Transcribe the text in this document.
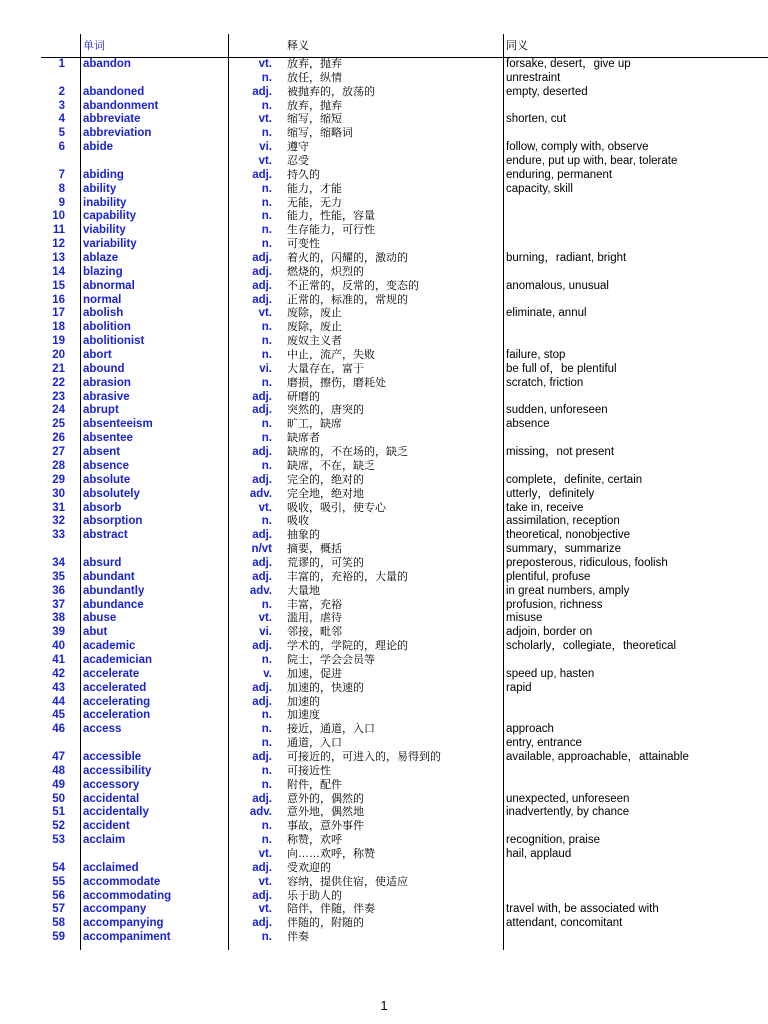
单词	释义	同义
1 abandon	vt. 放弃，抛弃	forsake, desert，give up
n. 放任，纵情	unrestraint
2 abandoned	adj. 被抛弃的，放荡的	empty, deserted
3 abandonment	n. 放弃，抛弃
4 abbreviate	vt. 缩写，缩短	shorten, cut
5 abbreviation	n. 缩写，缩略词
6 abide	vi. 遵守	follow, comply with, observe
vt. 忍受	endure, put up with, bear, tolerate
7 abiding	adj. 持久的	enduring, permanent
8 ability	n. 能力，才能	capacity, skill
9 inability	n. 无能，无力
10 capability	n. 能力，性能，容量
11 viability	n. 生存能力，可行性
12 variability	n. 可变性
13 ablaze	adj. 着火的，闪耀的，激动的	burning，radiant, bright
14 blazing	adj. 燃烧的，炽烈的
15 abnormal	adj. 不正常的，反常的，变态的	anomalous, unusual
16 normal	adj. 正常的，标准的，常规的
17 abolish	vt. 废除，废止	eliminate, annul
18 abolition	n. 废除，废止
19 abolitionist	n. 废奴主义者
20 abort	n. 中止，流产，失败	failure, stop
21 abound	vi. 大量存在，富于	be full of，be plentiful
22 abrasion	n. 磨损，擦伤，磨耗处	scratch, friction
23 abrasive	adj. 研磨的
24 abrupt	adj. 突然的，唐突的	sudden, unforeseen
25 absenteeism	n. 旷工，缺席	absence
26 absentee	n. 缺席者
27 absent	adj. 缺席的，不在场的，缺乏	missing，not present
28 absence	n. 缺席，不在，缺乏
29 absolute	adj. 完全的，绝对的	complete，definite, certain
30 absolutely	adv. 完全地，绝对地	utterly，definitely
31 absorb	vt. 吸收，吸引，使专心	take in, receive
32 absorption	n. 吸收	assimilation, reception
33 abstract	adj. 抽象的	theoretical, nonobjective
n/vt 摘要，概括	summary，summarize
34 absurd	adj. 荒谬的，可笑的	preposterous, ridiculous, foolish
35 abundant	adj. 丰富的，充裕的，大量的	plentiful, profuse
36 abundantly	adv. 大量地	in great numbers, amply
37 abundance	n. 丰富，充裕	profusion, richness
38 abuse	vt. 滥用，虐待	misuse
39 abut	vi. 邻接，毗邻	adjoin, border on
40 academic	adj. 学术的，学院的，理论的	scholarly，collegiate，theoretical
41 academician	n. 院士，学会会员等
42 accelerate	v. 加速，促进	speed up, hasten
43 accelerated	adj. 加速的，快速的	rapid
44 accelerating	adj. 加速的
45 acceleration	n. 加速度
46 access	n. 接近，通道，入口	approach
n. 通道，入口	entry, entrance
47 accessible	adj. 可接近的，可进入的，易得到的	available, approachable，attainable
48 accessibility	n. 可接近性
49 accessory	n. 附件，配件
50 accidental	adj. 意外的，偶然的	unexpected, unforeseen
51 accidentally	adv. 意外地，偶然地	inadvertently, by chance
52 accident	n. 事故，意外事件
53 acclaim	n. 称赞，欢呼	recognition, praise
vt. 向……欢呼，称赞	hail, applaud
54 acclaimed	adj. 受欢迎的
55 accommodate	vt. 容纳，提供住宿，使适应
56 accommodating	adj. 乐于助人的
57 accompany	vt. 陪伴，伴随，伴奏	travel with, be associated with
58 accompanying	adj. 伴随的，附随的	attendant, concomitant
59 accompaniment	n. 伴奏
1
